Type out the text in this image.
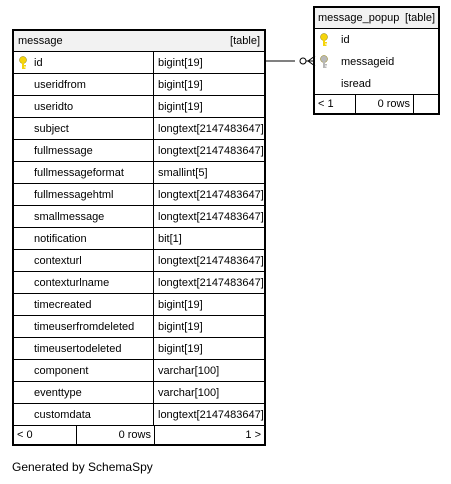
message	[table]
id	bigint[19]
useridfrom	bigint[19]
useridto	bigint[19]
subject	longtext[2147483647]
fullmessage	longtext[2147483647]
fullmessageformat	smallint[5]
fullmessagehtml	longtext[2147483647]
smallmessage	longtext[2147483647]
notification	bit[1]
contexturl	longtext[2147483647]
contexturlname	longtext[2147483647]
timecreated	bigint[19]
timeuserfromdeleted	bigint[19]
timeusertodeleted	bigint[19]
component	varchar[100]
eventtype	varchar[100]
customdata	longtext[2147483647]
< 0	0 rows	1 >
message_popup [table]
id
messageid
isread
< 1	0 rows
Generated by SchemaSpy
